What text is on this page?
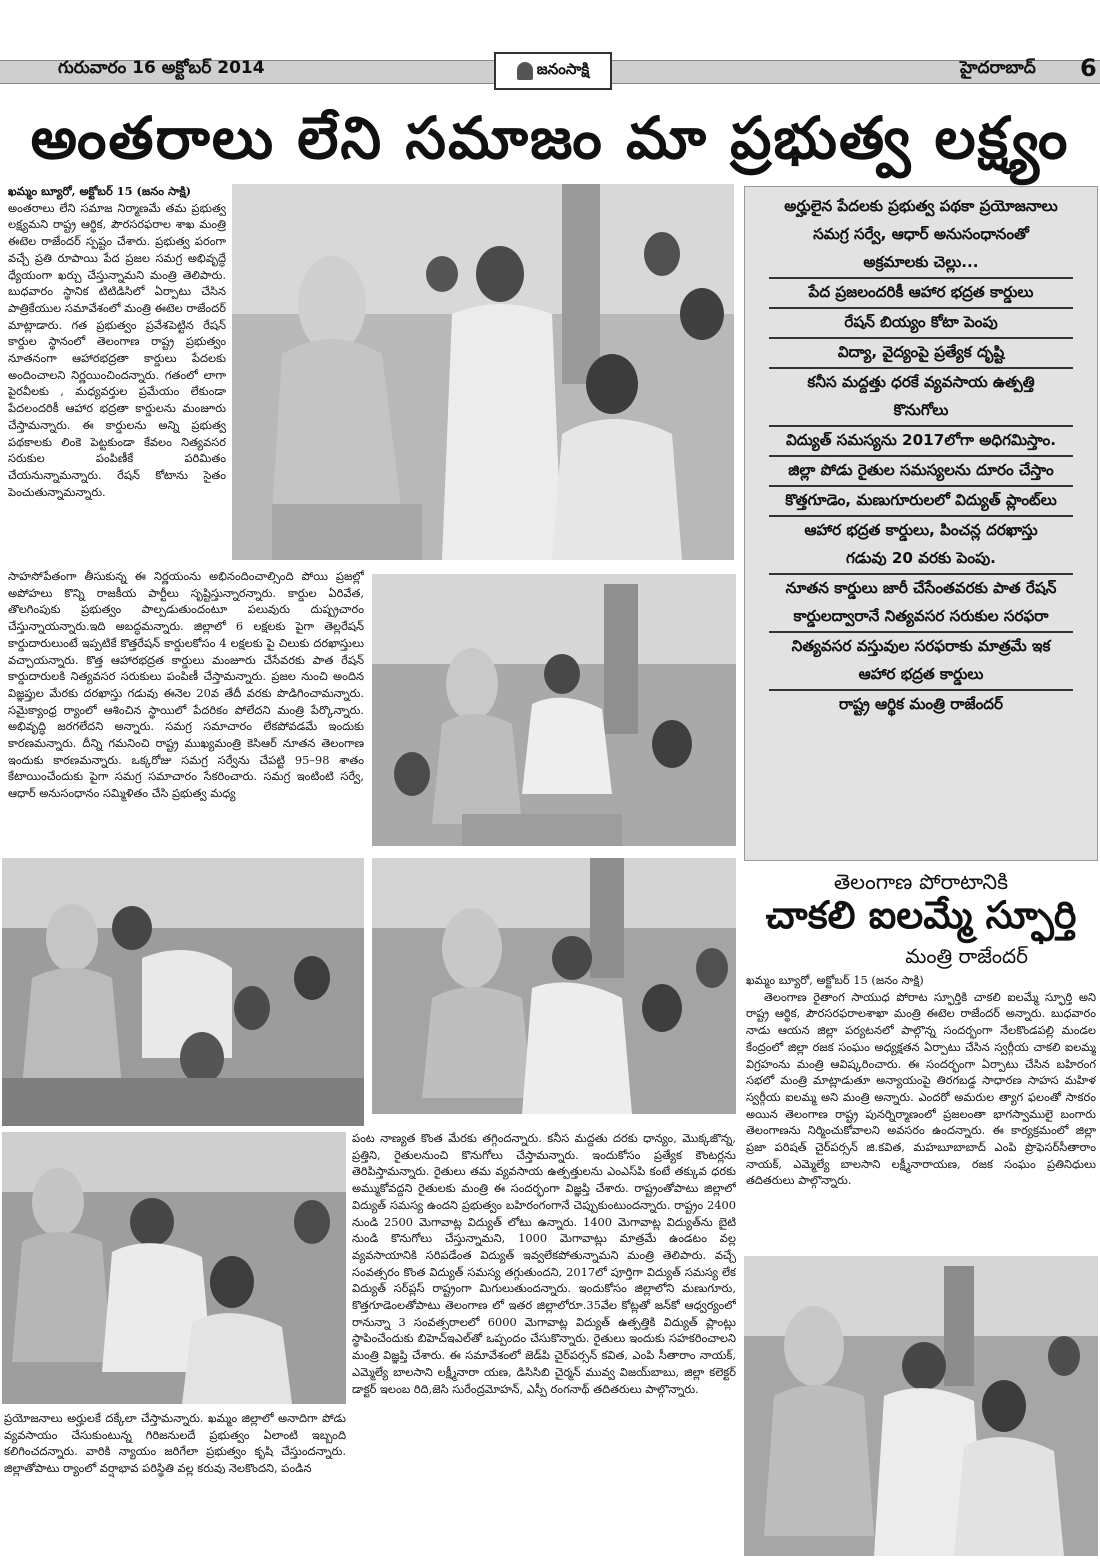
గురువారం 16 అక్టోబర్ 2014	జనంసాక్షి	హైదరాబాద్ 6
అంతరాలు లేని సమాజం మా ప్రభుత్వ లక్ష్యం

ఖమ్మం బ్యూరో, అక్టోబర్ 15 (జనం సాక్షి)

అంతరాలు లేని సమాజ నిర్మాణమే తమ ప్రభుత్వ లక్ష్యమని రాష్ట్ర ఆర్థిక, పౌరసరఫరాల శాఖ మంత్రి ఈటెల రాజేందర్ స్పష్టం చేశారు. ప్రభుత్వ పరంగా వచ్చే ప్రతి రూపాయి పేద ప్రజల సమగ్ర అభివృద్ధే ధ్యేయంగా ఖర్చు చేస్తున్నామని మంత్రి తెలిపారు. బుధవారం స్థానిక టిటిడిసిలో ఏర్పాటు చేసిన పాత్రికేయుల సమావేశంలో మంత్రి ఈటెల రాజేందర్ మాట్లాడారు. గత ప్రభుత్వం ప్రవేశపెట్టిన రేషన్ కార్డుల స్థానంలో తెలంగాణ రాష్ట్ర ప్రభుత్వం నూతనంగా ఆహారభద్రతా కార్డులు పేదలకు అందించాలని నిర్ణయించిందన్నారు. గతంలో లాగా పైరవీలకు , మధ్యవర్తుల ప్రమేయం లేకుండా పేదలందరికీ ఆహార భద్రతా కార్డులను మంజూరు చేస్తామన్నారు. ఈ కార్డులను అన్ని ప్రభుత్వ పథకాలకు లింకె పెట్టకుండా కేవలం నిత్యవసర సరుకుల పంపిణీకే పరిమితం చేయనున్నామన్నారు. రేషన్ కోటాను సైతం పెంచుతున్నామన్నారు.

సాహసోపేతంగా తీసుకున్న ఈ నిర్ణయంను అభినందించాల్సింది పోయి ప్రజల్లో అపోహలు కొన్ని రాజకీయ పార్టీలు సృష్టిస్తున్నారన్నారు. కార్డుల ఏరివేత, తొలగింపుకు ప్రభుత్వం పాల్పడుతుందంటూ పలువురు దుష్ప్రచారం చేస్తున్నాయన్నారు.ఇది అబద్ధమన్నారు. జిల్లాలో 6 లక్షలకు పైగా తెల్లరేషన్ కార్డుదారులుంటే ఇప్పటికే కొత్తరేషన్ కార్డులకోసం 4 లక్షలకు పై చిలుకు దరఖాస్తులు వచ్చాయన్నారు. కొత్త ఆహారభద్రత కార్డులు మంజూరు చేసేవరకు పాత రేషన్ కార్డుదారులకి నిత్యవసర సరుకులు పంపిణీ చేస్తామన్నారు. ప్రజల నుంచి అందిన విజ్ఞప్తుల మేరకు దరఖాస్తు గడువు ఈనెల 20వ తేదీ వరకు పొడిగించామన్నారు. సమైక్యాంధ్ర ర్యాంలో ఆశించిన స్థాయిలో పేదరికం పోలేదని మంత్రి పేర్కొన్నారు. అభివృద్ధి జరగలేదని అన్నారు. సమగ్ర సమాచారం లేకపోవడమే ఇందుకు కారణమన్నారు. దీన్ని గమనించి రాష్ట్ర ముఖ్యమంత్రి కెసిఆర్ నూతన తెలంగాణ ఇందుకు కారణమన్నారు. ఒక్కరోజు సమగ్ర సర్వేను చేపట్టి 95–98 శాతం కేటాయించేందుకు పైగా సమగ్ర సమాచారం సేకరించారు. సమగ్ర ఇంటింటి సర్వే, ఆధార్ అనుసంధానం సమ్మిళితం చేసి ప్రభుత్వ మధ్య

పంట నాణ్యత కొంత మేరకు తగ్గిందన్నారు. కనీస మద్దతు దరకు ధాన్యం, మొక్కజొన్న, ప్రత్తిని, రైతులనుంచి కొనుగోలు చేస్తామన్నారు. ఇందుకోసం ప్రత్యేక కౌంటర్లను తెరిపిస్తామన్నారు. రైతులు తమ వ్యవసాయ ఉత్పత్తులను ఎంఎస్‌పి కంటే తక్కువ ధరకు అమ్ముకోవద్దని రైతులకు మంత్రి ఈ సందర్భంగా విజ్ఞప్తి చేశారు. రాష్ట్రంతోపాటు జిల్లాలో విద్యుత్ సమస్య ఉందని ప్రభుత్వం బహిరంగంగానే చెప్పుకుంటుందన్నారు. రాష్ట్రం 2400 నుండి 2500 మెగావాట్ల విద్యుత్ లోటు ఉన్నారు. 1400 మెగావాట్ల విద్యుత్‌ను బైటి నుండి కొనుగోలు చేస్తున్నామని, 1000 మెగావాట్లు మాత్రమే ఉండటం వల్ల వ్యవసాయానికి సరిపడేంత విద్యుత్ ఇవ్వలేకపోతున్నామని మంత్రి తెలిపారు. వచ్చే సంవత్సరం కొంత విద్యుత్ సమస్య తగ్గుతుందని, 2017లో పూర్తిగా విద్యుత్ సమస్య లేక విద్యుత్ సర్‌ప్లస్ రాష్ట్రంగా మిగులుతుందన్నారు. ఇందుకోసం జిల్లాలోని మణుగూరు, కొత్తగూడెంలతోపాటు తెలంగాణ లో ఇతర జిల్లాలోరూ.35వేల కోట్లతో జన్‌కో ఆధ్వర్యంలో రానున్నా 3 సంవత్సరాలలో 6000 మెగావాట్ల విద్యుత్ ఉత్పత్తికి విద్యుత్ ప్లాంట్లు స్థాపించేందుకు బిహెచ్ఇఎల్‌తో ఒప్పందం చేసుకొన్నారు. రైతులు ఇందుకు సహకరించాలని మంత్రి విజ్ఞప్తి చేశారు. ఈ సమావేశంలో జెడ్‌పి చైర్‌పర్సన్ కవిత, ఎంపి సీతారాం నాయక్, ఎమ్మెల్యే బాలసాని లక్ష్మీనారా యణ, డిసిసిబి చైర్మన్ మువ్వ విజయ్‌బాబు, జిల్లా కలెక్టర్ డాక్టర్ ఇలంబ రిది,జెసి సురేంద్రమోహన్, ఎస్పీ రంగనాథ్ తదితరులు పాల్గొన్నారు.

ప్రయోజనాలు అర్హులకే దక్కేలా చేస్తామన్నారు. ఖమ్మం జిల్లాలో అనాదిగా పోడు వ్యవసాయం చేసుకుంటున్న గిరిజనులదే ప్రభుత్వం ఏలాంటి ఇబ్బంది కలిగించదన్నారు. వారికి న్యాయం జరిగేలా ప్రభుత్వం కృషి చేస్తుందన్నారు. జిల్లాతోపాటు ర్యాంలో వర్షాభావ పరిస్థితి వల్ల కరువు నెలకొందని, పండిన

అర్హులైన పేదలకు ప్రభుత్వ పథకా ప్రయోజనాలు
సమగ్ర సర్వే, ఆధార్ అనుసంధానంతో
అక్రమాలకు చెల్లు...
పేద ప్రజలందరికీ ఆహార భద్రత కార్డులు
రేషన్ బియ్యం కోటా పెంపు
విద్యా, వైద్యంపై ప్రత్యేక దృష్టి
కనీస మద్దత్తు ధరకే వ్యవసాయ ఉత్పత్తి
కొనుగోలు
విద్యుత్ సమస్యను 2017లోగా అధిగమిస్తాం.
జిల్లా పోడు రైతుల సమస్యలను దూరం చేస్తాం
కొత్తగూడెం, మణుగూరులలో విద్యుత్ ప్లాంట్‌లు
ఆహార భద్రత కార్డులు, పించన్ల దరఖాస్తు
గడువు 20 వరకు పెంపు.
నూతన కార్డులు జారీ చేసేంతవరకు పాత రేషన్
కార్డులద్వారానే నిత్యవసర సరుకుల సరఫరా
నిత్యవసర వస్తువుల సరఫరాకు మాత్రమే ఇక
ఆహార భద్రత కార్డులు
రాష్ట్ర ఆర్థిక మంత్రి రాజేందర్
తెలంగాణ పోరాటానికి
చాకలి ఐలమ్మే స్ఫూర్తి
మంత్రి రాజేందర్

ఖమ్మం బ్యూరో, అక్టోబర్ 15 (జనం సాక్షి)

తెలంగాణ రైతాంగ సాయుధ పోరాట స్ఫూర్తికి చాకలి ఐలమ్మే స్ఫూర్తి అని రాష్ట్ర ఆర్థిక, పౌరసరఫరాలశాఖా మంత్రి ఈటెల రాజేందర్ అన్నారు. బుధవారం నాడు ఆయన జిల్లా పర్యటనలో పాల్గొన్న సందర్భంగా నేలకొండపల్లి మండల కేంద్రంలో జిల్లా రజక సంఘం అధ్యక్షతన ఏర్పాటు చేసిన స్వర్గీయ చాకలి ఐలమ్మ విగ్రహంను మంత్రి ఆవిష్కరించారు. ఈ సందర్భంగా ఏర్పాటు చేసిన బహిరంగ సభలో మంత్రి మాట్లాడుతూ అన్యాయంపై తిరగబడ్డ సాధారణ సాహస మహిళ స్వర్గీయ ఐలమ్మ అని మంత్రి అన్నారు. ఎందరో అమరుల త్యాగ ఫలంతో సాకరం అయిన తెలంగాణ రాష్ట్ర పునర్నిర్మాణంలో ప్రజలంతా భాగస్వాములై బంగారు తెలంగాణను నిర్మించుకోవాలని అవసరం ఉందన్నారు. ఈ కార్యక్రమంలో జిల్లా ప్రజా పరిషత్ చైర్‌పర్సన్ జి.కవిత, మహబూబాబాద్ ఎంపి ప్రొఫెసర్‌సీతారాం నాయక్, ఎమ్మెల్యే బాలసాని లక్ష్మీనారాయణ, రజక సంఘం ప్రతినిధులు తదితరులు పాల్గొన్నారు.
